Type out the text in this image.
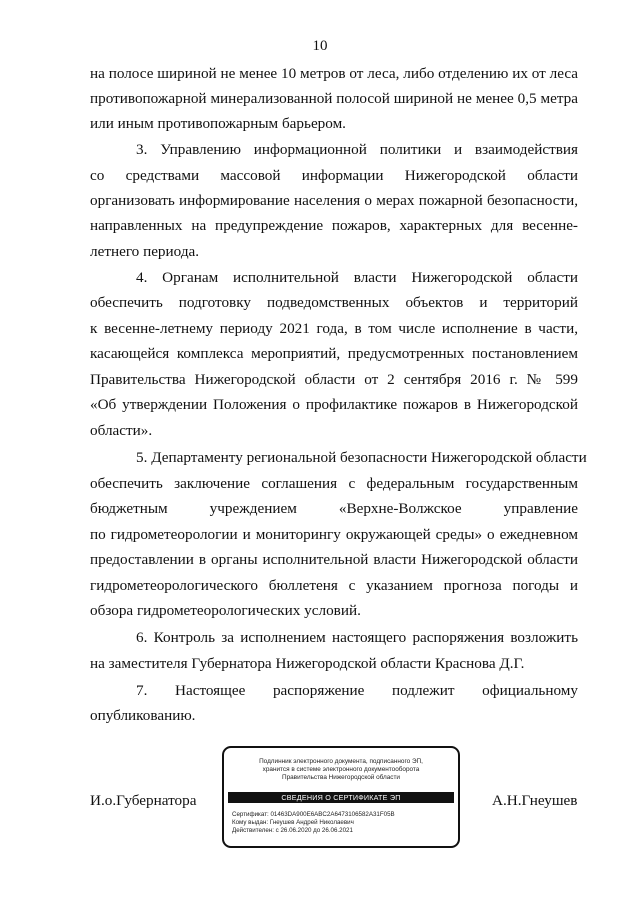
10
на полосе шириной не менее 10 метров от леса, либо отделению их от леса
противопожарной минерализованной полосой шириной не менее 0,5 метра
или иным противопожарным барьером.
3. Управлению информационной политики и взаимодействия
со средствами массовой информации Нижегородской области
организовать информирование населения о мерах пожарной безопасности,
направленных на предупреждение пожаров, характерных для весенне-
летнего периода.
4. Органам исполнительной власти Нижегородской области
обеспечить подготовку подведомственных объектов и территорий
к весенне-летнему периоду 2021 года, в том числе исполнение в части,
касающейся комплекса мероприятий, предусмотренных постановлением
Правительства Нижегородской области от 2 сентября 2016 г. № 599
«Об утверждении Положения о профилактике пожаров в Нижегородской
области».
5. Департаменту региональной безопасности Нижегородской области
обеспечить заключение соглашения с федеральным государственным
бюджетным учреждением «Верхне-Волжское управление
по гидрометеорологии и мониторингу окружающей среды» о ежедневном
предоставлении в органы исполнительной власти Нижегородской области
гидрометеорологического бюллетеня с указанием прогноза погоды и
обзора гидрометеорологических условий.
6. Контроль за исполнением настоящего распоряжения возложить
на заместителя Губернатора Нижегородской области Краснова Д.Г.
7. Настоящее распоряжение подлежит официальному
опубликованию.
И.о.Губернатора	А.Н.Гнеушев
Подлинник электронного документа, подписанного ЭП,
хранится в системе электронного документооборота
Правительства Нижегородской области
СВЕДЕНИЯ О СЕРТИФИКАТЕ ЭП
Сертификат: 01463DA900E6ABC2A6473106582A31F05B
Кому выдан: Гнеушев Андрей Николаевич
Действителен: с 26.06.2020 до 26.06.2021
